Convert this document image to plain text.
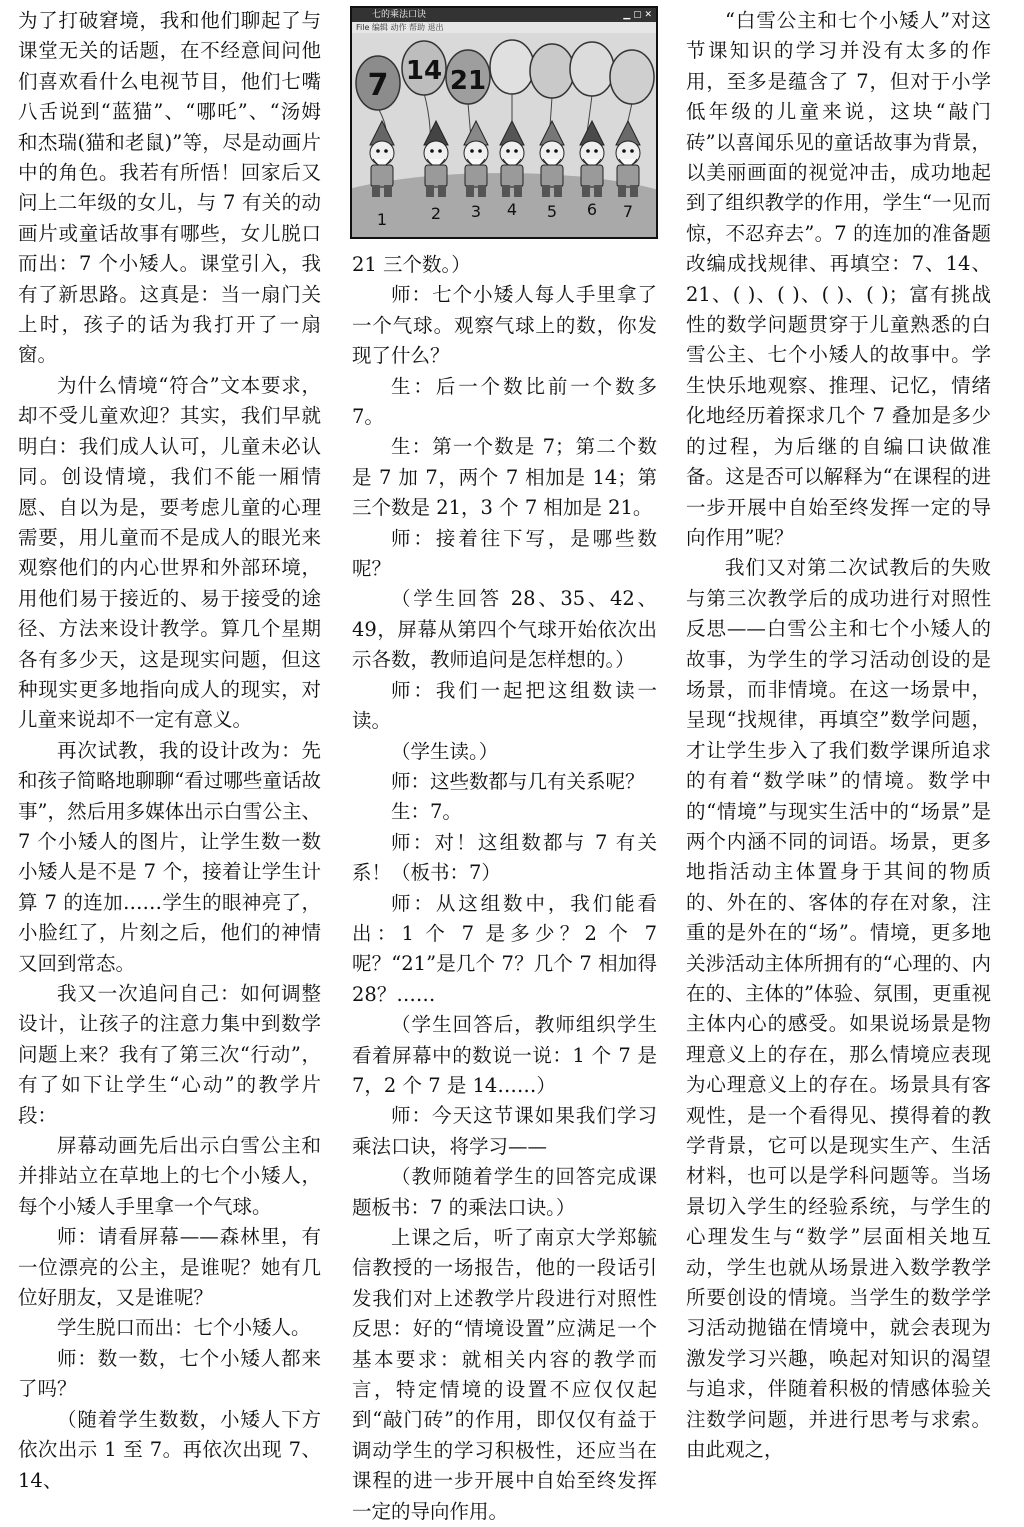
为了打破窘境，我和他们聊起了与课堂无关的话题，在不经意间问他们喜欢看什么电视节目，他们七嘴八舌说到“蓝猫”、“哪吒”、“汤姆和杰瑞(猫和老鼠)”等，尽是动画片中的角色。我若有所悟！回家后又问上二年级的女儿，与 7 有关的动画片或童话故事有哪些，女儿脱口而出：7 个小矮人。课堂引入，我有了新思路。这真是：当一扇门关上时，孩子的话为我打开了一扇窗。

为什么情境“符合”文本要求，却不受儿童欢迎？其实，我们早就明白：我们成人认可，儿童未必认同。创设情境，我们不能一厢情愿、自以为是，要考虑儿童的心理需要，用儿童而不是成人的眼光来观察他们的内心世界和外部环境，用他们易于接近的、易于接受的途径、方法来设计教学。算几个星期各有多少天，这是现实问题，但这种现实更多地指向成人的现实，对儿童来说却不一定有意义。

再次试教，我的设计改为：先和孩子简略地聊聊“看过哪些童话故事”，然后用多媒体出示白雪公主、7 个小矮人的图片，让学生数一数小矮人是不是 7 个，接着让学生计算 7 的连加……学生的眼神亮了，小脸红了，片刻之后，他们的神情又回到常态。

我又一次追问自己：如何调整设计，让孩子的注意力集中到数学问题上来？我有了第三次“行动”，有了如下让学生“心动”的教学片段：

屏幕动画先后出示白雪公主和并排站立在草地上的七个小矮人，每个小矮人手里拿一个气球。

师：请看屏幕——森林里，有一位漂亮的公主，是谁呢？她有几位好朋友，又是谁呢？

学生脱口而出：七个小矮人。

师：数一数，七个小矮人都来了吗？

（随着学生数数，小矮人下方依次出示 1 至 7。再依次出现 7、14、

七的乘法口诀	▁ ▢ ✕
File 编辑 动作 帮助 退出
7 14 21
1	2 3 4 5 6 7

21 三个数。）

师：七个小矮人每人手里拿了一个气球。观察气球上的数，你发现了什么？

生：后一个数比前一个数多 7。

生：第一个数是 7；第二个数是 7 加 7，两个 7 相加是 14；第三个数是 21，3 个 7 相加是 21。

师：接着往下写，是哪些数呢？

（学生回答 28、35、42、49，屏幕从第四个气球开始依次出示各数，教师追问是怎样想的。）

师：我们一起把这组数读一读。

（学生读。）

师：这些数都与几有关系呢？

生：7。

师：对！这组数都与 7 有关系！（板书：7）

师：从这组数中，我们能看出：1 个 7 是多少？2 个 7 呢？“21”是几个 7？几个 7 相加得 28？……

（学生回答后，教师组织学生看着屏幕中的数说一说：1 个 7 是 7，2 个 7 是 14……）

师：今天这节课如果我们学习乘法口诀，将学习——

（教师随着学生的回答完成课题板书：7 的乘法口诀。）

上课之后，听了南京大学郑毓信教授的一场报告，他的一段话引发我们对上述教学片段进行对照性反思：好的“情境设置”应满足一个基本要求：就相关内容的教学而言，特定情境的设置不应仅仅起到“敲门砖”的作用，即仅仅有益于调动学生的学习积极性，还应当在课程的进一步开展中自始至终发挥一定的导向作用。

“白雪公主和七个小矮人”对这节课知识的学习并没有太多的作用，至多是蕴含了 7，但对于小学低年级的儿童来说，这块“敲门砖”以喜闻乐见的童话故事为背景，以美丽画面的视觉冲击，成功地起到了组织教学的作用，学生“一见而惊，不忍弃去”。7 的连加的准备题改编成找规律、再填空：7、14、21、( )、( )、( )、( )；富有挑战性的数学问题贯穿于儿童熟悉的白雪公主、七个小矮人的故事中。学生快乐地观察、推理、记忆，情绪化地经历着探求几个 7 叠加是多少的过程，为后继的自编口诀做准备。这是否可以解释为“在课程的进一步开展中自始至终发挥一定的导向作用”呢？

我们又对第二次试教后的失败与第三次教学后的成功进行对照性反思——白雪公主和七个小矮人的故事，为学生的学习活动创设的是场景，而非情境。在这一场景中，呈现“找规律，再填空”数学问题，才让学生步入了我们数学课所追求的有着“数学味”的情境。数学中的“情境”与现实生活中的“场景”是两个内涵不同的词语。场景，更多地指活动主体置身于其间的物质的、外在的、客体的存在对象，注重的是外在的“场”。情境，更多地关涉活动主体所拥有的“心理的、内在的、主体的”体验、氛围，更重视主体内心的感受。如果说场景是物理意义上的存在，那么情境应表现为心理意义上的存在。场景具有客观性，是一个看得见、摸得着的教学背景，它可以是现实生产、生活材料，也可以是学科问题等。当场景切入学生的经验系统，与学生的心理发生与“数学”层面相关地互动，学生也就从场景进入数学教学所要创设的情境。当学生的数学学习活动抛锚在情境中，就会表现为激发学习兴趣，唤起对知识的渴望与追求，伴随着积极的情感体验关注数学问题，并进行思考与求索。由此观之，
